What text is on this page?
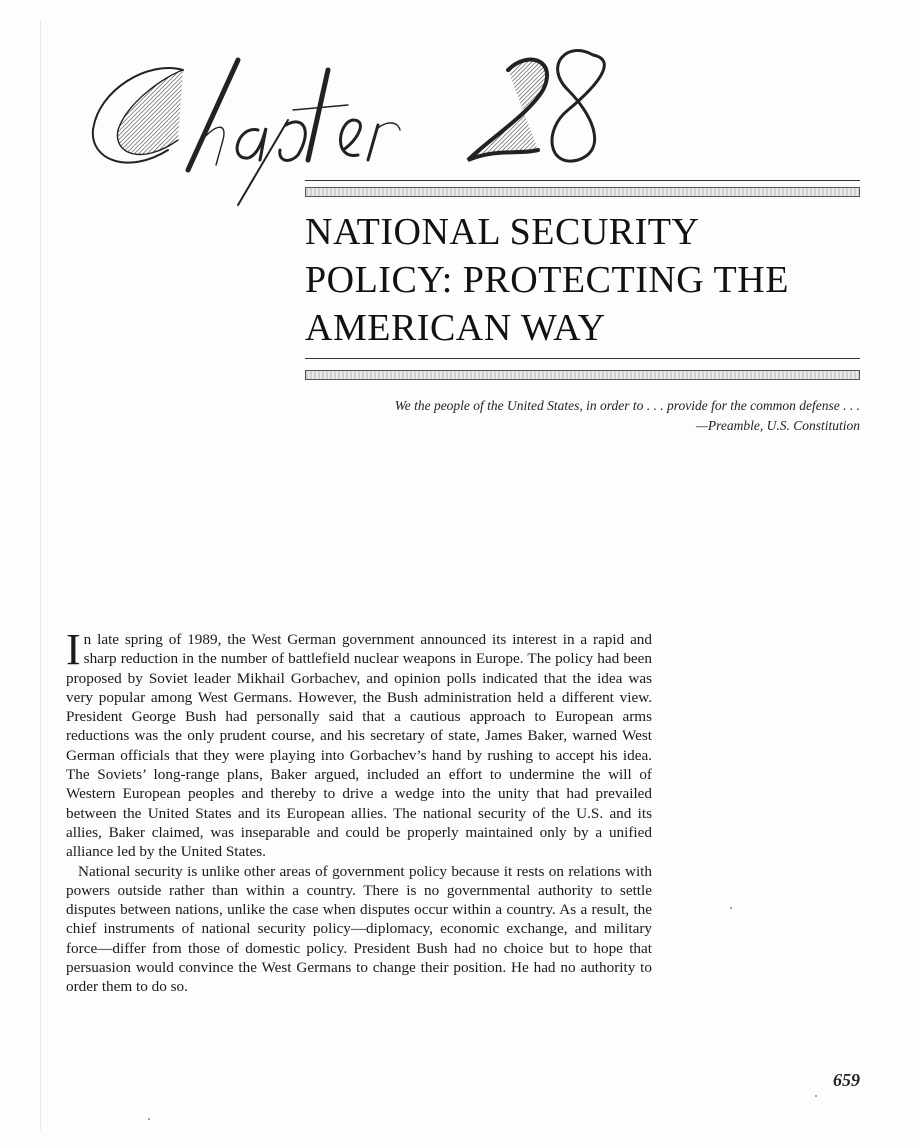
NATIONAL SECURITY
POLICY: PROTECTING THE
AMERICAN WAY
We the people of the United States, in order to . . . provide for the common defense . . .
—Preamble, U.S. Constitution

In late spring of 1989, the West German government announced its interest in a rapid and sharp reduction in the number of battlefield nuclear weapons in Europe. The policy had been proposed by Soviet leader Mikhail Gorbachev, and opinion polls indicated that the idea was very popular among West Germans. However, the Bush administration held a different view. President George Bush had personally said that a cautious approach to European arms reductions was the only prudent course, and his secretary of state, James Baker, warned West German officials that they were playing into Gorbachev’s hand by rushing to accept his idea. The Soviets’ long-range plans, Baker argued, included an effort to undermine the will of Western European peoples and thereby to drive a wedge into the unity that had prevailed between the United States and its European allies. The national security of the U.S. and its allies, Baker claimed, was inseparable and could be properly maintained only by a unified alliance led by the United States.

National security is unlike other areas of government policy because it rests on relations with powers outside rather than within a country. There is no governmental authority to settle disputes between nations, unlike the case when disputes occur within a country. As a result, the chief instruments of national security policy—diplomacy, economic exchange, and military force—differ from those of domestic policy. President Bush had no choice but to hope that persuasion would convince the West Germans to change their position. He had no authority to order them to do so.

659
